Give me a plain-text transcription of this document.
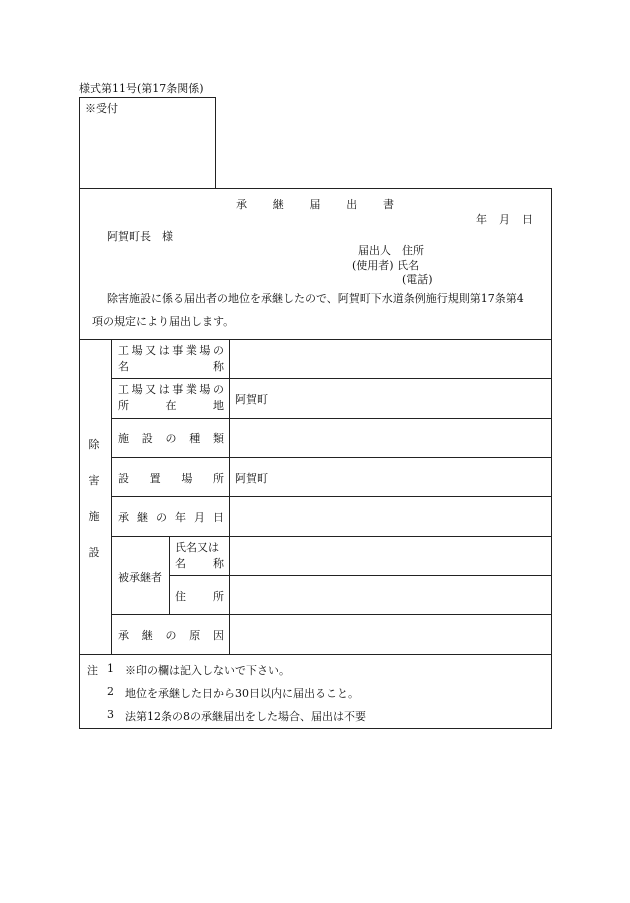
様式第11号(第17条関係)
※受付
承 継 届 出 書
年 月 日
阿賀町長　様
届出人　住所
(使用者) 氏名
(電話)
除害施設に係る届出者の地位を承継したので、阿賀町下水道条例施行規則第17条第4
項の規定により届出します。
除
害
施
設
工 場 又 は 事 業 場 の
名	称
工 場 又 は 事 業 場 の
所	在	地 阿賀町
施 設 の 種 類
設 置 場 所 阿賀町
承 継 の 年 月 日
被承継者
氏名又は
名 称
住 所
承 継 の 原 因
注 1 ※印の欄は記入しないで下さい。
2 地位を承継した日から30日以内に届出ること。
3 法第12条の8の承継届出をした場合、届出は不要
